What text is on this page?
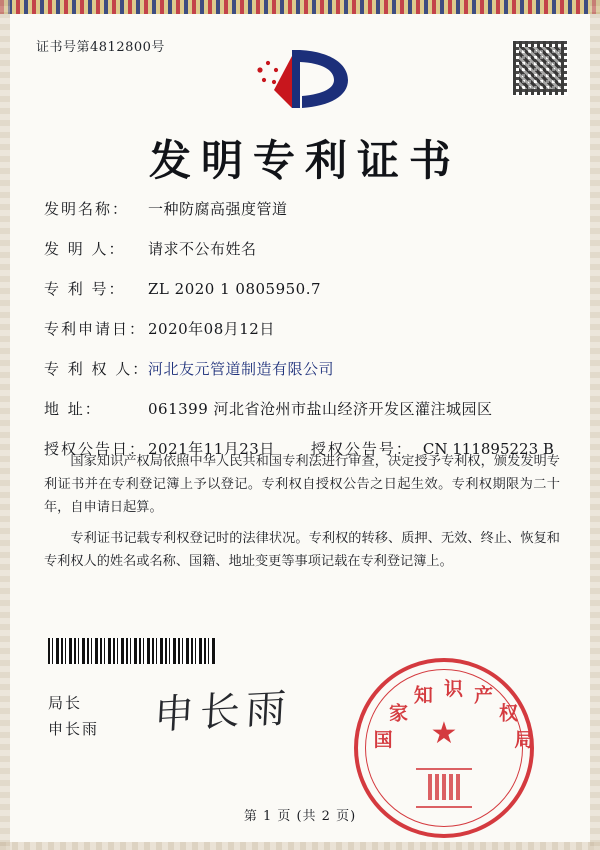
证书号第4812800号
发明专利证书
发明名称：	一种防腐高强度管道
发 明 人：	请求不公布姓名
专 利 号：	ZL 2020 1 0805950.7
专利申请日： 2020年08月12日
专 利 权 人：
河北友元管道制造有限公司
地 址：	061399 河北省沧州市盐山经济开发区灌注城园区
授权公告日： 2021年11月23日 授权公告号： CN 111895223 B

国家知识产权局依照中华人民共和国专利法进行审查，决定授予专利权，颁发发明专利证书并在专利登记簿上予以登记。专利权自授权公告之日起生效。专利权期限为二十年，自申请日起算。

专利证书记载专利权登记时的法律状况。专利权的转移、质押、无效、终止、恢复和专利权人的姓名或名称、国籍、地址变更等事项记载在专利登记簿上。

局长
申长雨 申长雨
国
家
知 识 产
权
局
★
第 1 页 (共 2 页)
